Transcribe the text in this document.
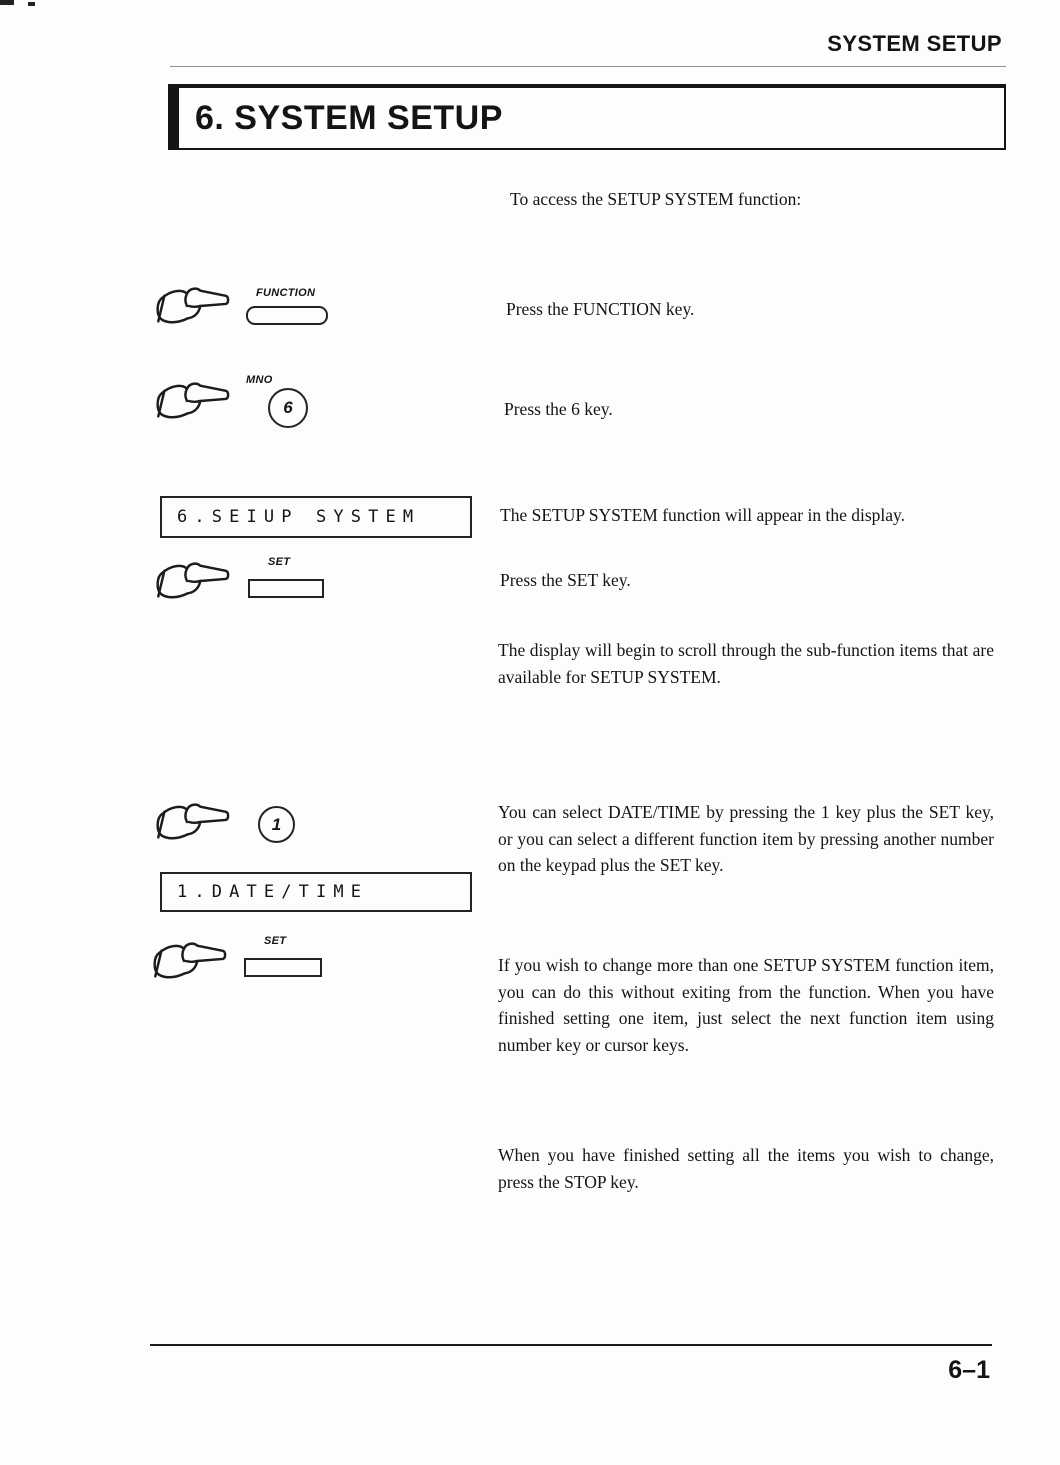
SYSTEM SETUP
6. SYSTEM SETUP
To access the SETUP SYSTEM function:
FUNCTION
Press the FUNCTION key.
MNO
6	Press the 6 key.
6.SEIUP SYSTEM	The SETUP SYSTEM function will appear in the display.
SET
Press the SET key.
The display will begin to scroll through the sub-function items that are available for SETUP SYSTEM.
1
You can select DATE/TIME by pressing the 1 key plus the SET key, or you can select a different function item by pressing another number on the keypad plus the SET key.
1.DATE/TIME
SET
If you wish to change more than one SETUP SYSTEM function item, you can do this without exiting from the function. When you have finished setting one item, just select the next function item using number key or cursor keys.
When you have finished setting all the items you wish to change, press the STOP key.
6–1
